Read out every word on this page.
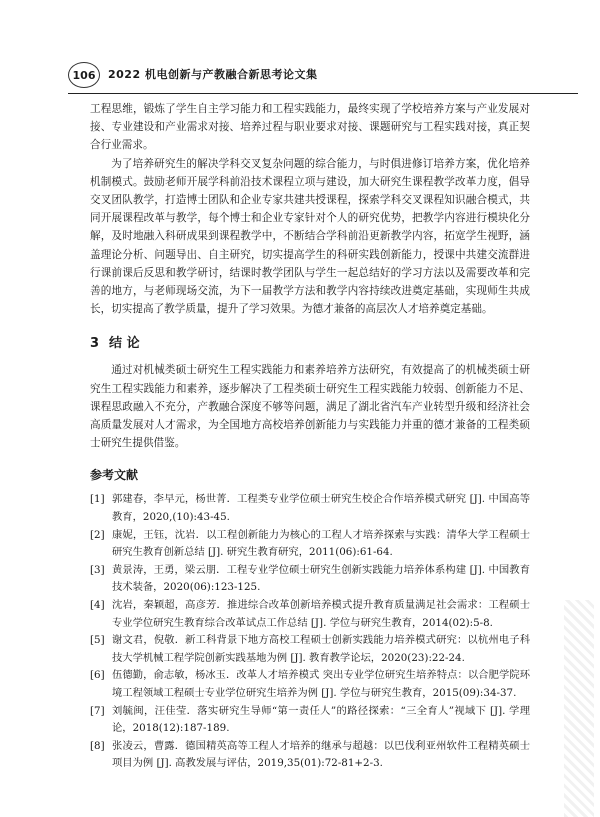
106 2022 机电创新与产教融合新思考论文集

工程思维，锻炼了学生自主学习能力和工程实践能力，最终实现了学校培养方案与产业发展对接、专业建设和产业需求对接、培养过程与职业要求对接、课题研究与工程实践对接，真正契合行业需求。

为了培养研究生的解决学科交叉复杂问题的综合能力，与时俱进修订培养方案，优化培养机制模式。鼓励老师开展学科前沿技术课程立项与建设，加大研究生课程教学改革力度，倡导交叉团队教学，打造博士团队和企业专家共建共授课程，探索学科交叉课程知识融合模式，共同开展课程改革与教学，每个博士和企业专家针对个人的研究优势，把教学内容进行模块化分解，及时地融入科研成果到课程教学中，不断结合学科前沿更新教学内容，拓宽学生视野，涵盖理论分析、问题导出、自主研究，切实提高学生的科研实践创新能力，授课中共建交流群进行课前课后反思和教学研讨，结课时教学团队与学生一起总结好的学习方法以及需要改革和完善的地方，与老师现场交流，为下一届教学方法和教学内容持续改进奠定基础，实现师生共成长，切实提高了教学质量，提升了学习效果。为德才兼备的高层次人才培养奠定基础。

3 结 论

通过对机械类硕士研究生工程实践能力和素养培养方法研究，有效提高了的机械类硕士研究生工程实践能力和素养，逐步解决了工程类硕士研究生工程实践能力较弱、创新能力不足、课程思政融入不充分，产教融合深度不够等问题，满足了湖北省汽车产业转型升级和经济社会高质量发展对人才需求，为全国地方高校培养创新能力与实践能力并重的德才兼备的工程类硕士研究生提供借鉴。

参考文献
[1] 郭建春，李早元，杨世菁．工程类专业学位硕士研究生校企合作培养模式研究 [J]. 中国高等教育，2020,(10):43-45.
[2] 康妮，王钰，沈岩．以工程创新能力为核心的工程人才培养探索与实践：清华大学工程硕士研究生教育创新总结 [J]. 研究生教育研究，2011(06):61-64.
[3] 黄景涛，王勇，梁云朋．工程专业学位硕士研究生创新实践能力培养体系构建 [J]. 中国教育技术装备，2020(06):123-125.
[4] 沈岩，秦颖超，高彦芳．推进综合改革创新培养模式提升教育质量满足社会需求：工程硕士专业学位研究生教育综合改革试点工作总结 [J]. 学位与研究生教育，2014(02):5-8.
[5] 谢文君，倪敬．新工科背景下地方高校工程硕士创新实践能力培养模式研究：以杭州电子科技大学机械工程学院创新实践基地为例 [J]. 教育教学论坛，2020(23):22-24.
[6] 伍德勤，俞志敏，杨冰玉．改革人才培养模式 突出专业学位研究生培养特点：以合肥学院环境工程领域工程硕士专业学位研究生培养为例 [J]. 学位与研究生教育，2015(09):34-37.
[7] 刘毓闽，汪佳莹．落实研究生导师“第一责任人”的路径探索：“三全育人”视域下 [J]. 学理论，2018(12):187-189.
[8] 张凌云，曹露．德国精英高等工程人才培养的继承与超越：以巴伐利亚州软件工程精英硕士项目为例 [J]. 高教发展与评估，2019,35(01):72-81+2-3.
